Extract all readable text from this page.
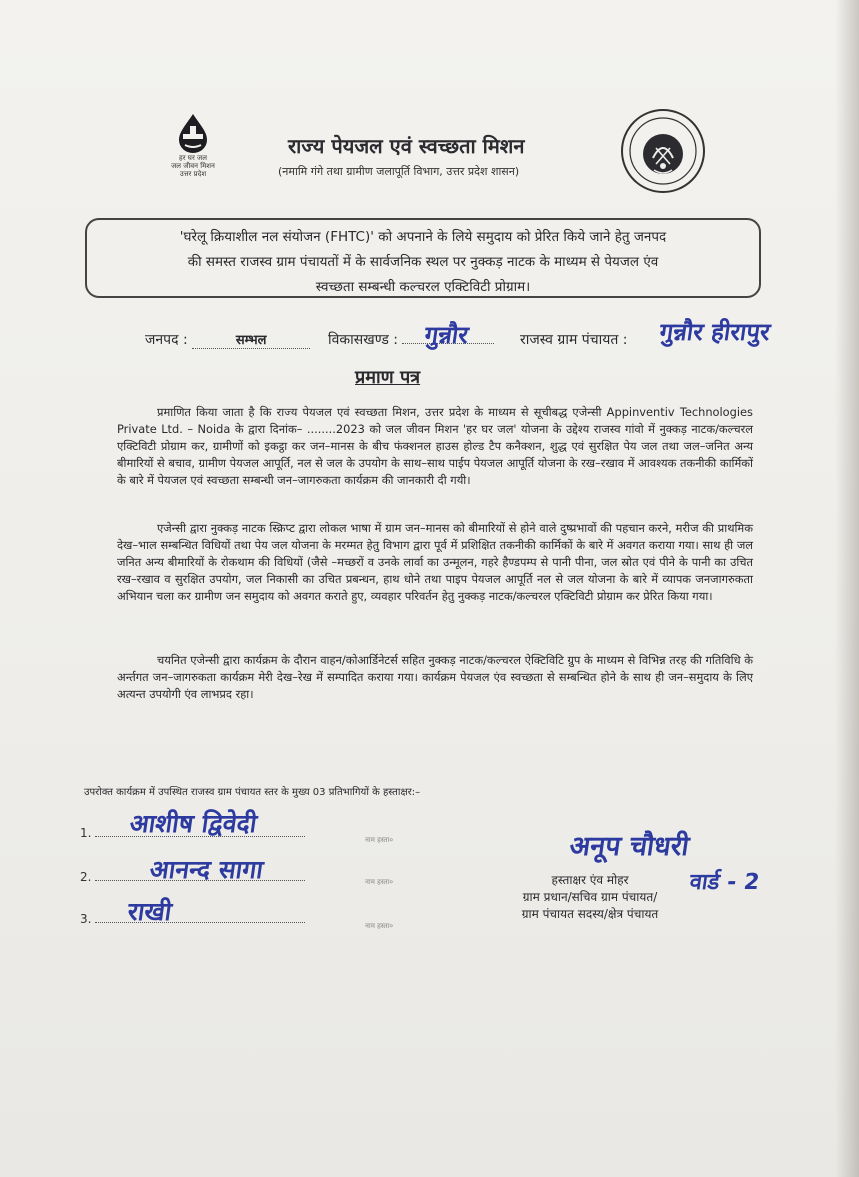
हर घर जल
जल जीवन मिशन
उत्तर प्रदेश
राज्य पेयजल एवं स्वच्छता मिशन
(नमामि गंगे तथा ग्रामीण जलापूर्ति विभाग, उत्तर प्रदेश शासन)
'घरेलू क्रियाशील नल संयोजन (FHTC)' को अपनाने के लिये समुदाय को प्रेरित किये जाने हेतु जनपद
की समस्त राजस्व ग्राम पंचायतों में के सार्वजनिक स्थल पर नुक्कड़ नाटक के माध्यम से पेयजल एंव
स्वच्छता सम्बन्धी कल्चरल एक्टिविटी प्रोग्राम।
जनपद :	सम्भल	विकासखण्ड :	गुन्नौर	राजस्व ग्राम पंचायत : गुन्नौर हीरापुर
प्रमाण पत्र

प्रमाणित किया जाता है कि राज्य पेयजल एवं स्वच्छता मिशन, उत्तर प्रदेश के माध्यम से सूचीबद्ध एजेन्सी Appinventiv Technologies Private Ltd. – Noida के द्वारा दिनांक– ........2023 को जल जीवन मिशन 'हर घर जल' योजना के उद्देश्य राजस्व गांवो में नुक्कड़ नाटक/कल्चरल एक्टिविटी प्रोग्राम कर, ग्रामीणों को इकट्ठा कर जन–मानस के बीच फंक्शनल हाउस होल्ड टैप कनैक्शन, शुद्ध एवं सुरक्षित पेय जल तथा जल–जनित अन्य बीमारियों से बचाव, ग्रामीण पेयजल आपूर्ति, नल से जल के उपयोग के साथ–साथ पाईप पेयजल आपूर्ति योजना के रख–रखाव में आवश्यक तकनीकी कार्मिकों के बारे में पेयजल एवं स्वच्छता सम्बन्धी जन–जागरुकता कार्यक्रम की जानकारी दी गयी।

एजेन्सी द्वारा नुक्कड़ नाटक स्क्रिप्ट द्वारा लोकल भाषा में ग्राम जन–मानस को बीमारियों से होने वाले दुष्प्रभावों की पहचान करने, मरीज की प्राथमिक देख–भाल सम्बन्धित विधियों तथा पेय जल योजना के मरम्मत हेतु विभाग द्वारा पूर्व में प्रशिक्षित तकनीकी कार्मिकों के बारे में अवगत कराया गया। साथ ही जल जनित अन्य बीमारियों के रोकथाम की विधियों (जैसे –मच्छरों व उनके लार्वा का उन्मूलन, गहरे हैण्डपम्प से पानी पीना, जल स्रोत एवं पीने के पानी का उचित रख–रखाव व सुरक्षित उपयोग, जल निकासी का उचित प्रबन्धन, हाथ धोने तथा पाइप पेयजल आपूर्ति नल से जल योजना के बारे में व्यापक जनजागरुकता अभियान चला कर ग्रामीण जन समुदाय को अवगत कराते हुए, व्यवहार परिवर्तन हेतु नुक्कड़ नाटक/कल्चरल एक्टिविटी प्रोग्राम कर प्रेरित किया गया।

चयनित एजेन्सी द्वारा कार्यक्रम के दौरान वाहन/कोआर्डिनेटर्स सहित नुक्कड़ नाटक/कल्चरल ऐक्टिविटि ग्रुप के माध्यम से विभिन्न तरह की गतिविधि के अर्न्तगत जन–जागरुकता कार्यक्रम मेरी देख–रेख में सम्पादित कराया गया। कार्यक्रम पेयजल एंव स्वच्छता से सम्बन्धित होने के साथ ही जन–समुदाय के लिए अत्यन्त उपयोगी एंव लाभप्रद रहा।

उपरोक्त कार्यक्रम में उपस्थित राजस्व ग्राम पंचायत स्तर के मुख्य 03 प्रतिभागियों के हस्ताक्षर:–
1.	आशीष द्विवेदी
नाम हस्ता०
2.	आनन्द सागा	नाम हस्ता०
3.	राखी	नाम हस्ता०
अनूप चौधरी
वार्ड - 2
हस्ताक्षर एंव मोहर
ग्राम प्रधान/सचिव ग्राम पंचायत/
ग्राम पंचायत सदस्य/क्षेत्र पंचायत
